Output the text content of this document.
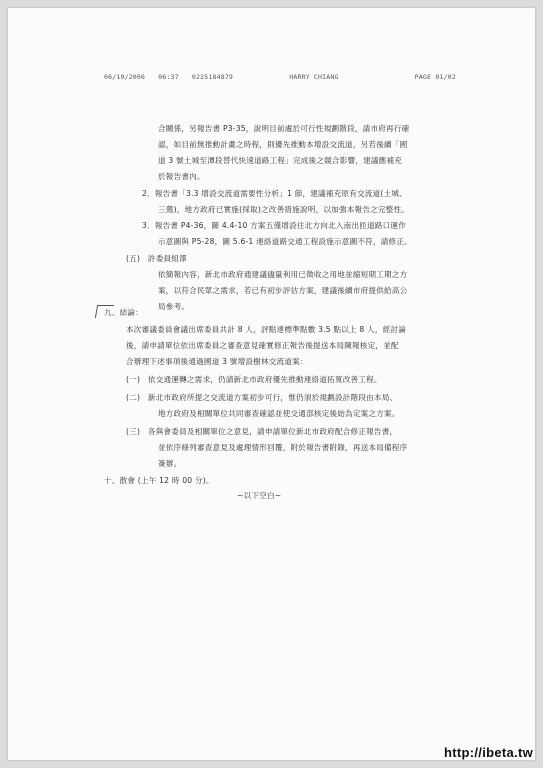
06/19/2006 06:37 0225184879	HARRY CHIANG	PAGE 01/02
合關係，另報告書 P3-35，說明目前處於可行性規劃階段，請市府再行確
認，如目前無推動計畫之時程，則優先推動本增設交流道，另若後續「國
道 3 號土城至潭段替代快速道路工程」完成後之競合影響，建議應補充
於報告書內。
2．報告書「3.3 增設交流道需要性分析」1 節，建議補充原有交流道(土城、
三鶯)，地方政府已實施(採取)之改善措施說明，以加強本報告之完整性。
3．報告書 P4-36，圖 4.4-10 方案五僅增設往北方向北入南出匝道路口運作
示意圖與 P5-28，圖 5.6-1 連絡道路交通工程設施示意圖不符，請修正。
(五)　許委員組澤
依簡報內容，新北市政府通建議儘量利用已徵收之用地並縮短期工期之方
案，以符合民眾之需求，若已有初步評估方案，建議後續市府提供給高公
局參考。
九、結論：
本次審議委員會議出席委員共計 8 人，評點達標準點數 3.5 點以上 8 人，經討論
後，請申請單位依出席委員之審查意見確實修正報告後提送本局陳報核定，並配
合辦理下述事項後通過國道 3 號增設樹林交流道案：
(一)　依交通運轉之需求，仍請新北市政府優先推動連絡道拓寬改善工程。
(二)　新北市政府所提之交流道方案初步可行，惟仍須於規劃設計階段由本局、
地方政府及相關單位共同審查確認並使交通部核定後始為定案之方案。
(三)　各與會委員及相關單位之意見，請申請單位新北市政府配合修正報告書，
並依序條列審查意見及處理情形回覆，附於報告書附錄，再送本局備程序
簽辦。
十、散會 (上午 12 時 00 分)。
~以下空白~
http://ibeta.tw
